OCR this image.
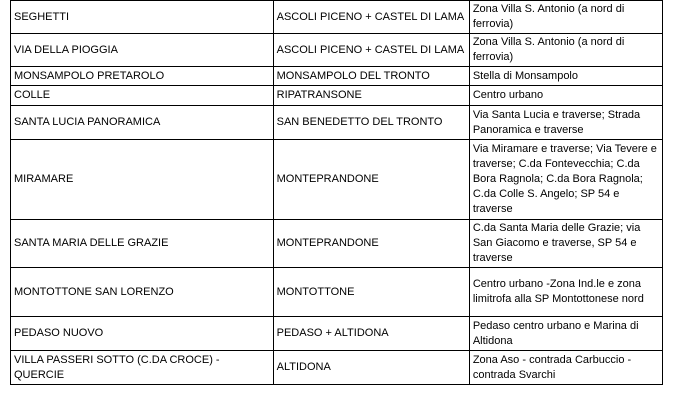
SEGHETTI	ASCOLI PICENO + CASTEL DI LAMA	Zona Villa S. Antonio (a nord di ferrovia)
VIA DELLA PIOGGIA	ASCOLI PICENO + CASTEL DI LAMA	Zona Villa S. Antonio (a nord di ferrovia)
MONSAMPOLO PRETAROLO	MONSAMPOLO DEL TRONTO	Stella di Monsampolo
COLLE	RIPATRANSONE	Centro urbano
SANTA LUCIA PANORAMICA	SAN BENEDETTO DEL TRONTO	Via Santa Lucia e traverse; Strada Panoramica e traverse
MIRAMARE	MONTEPRANDONE	Via Miramare e traverse; Via Tevere e traverse; C.da Fontevecchia; C.da Bora Ragnola; C.da Bora Ragnola; C.da Colle S. Angelo; SP 54 e traverse
SANTA MARIA DELLE GRAZIE	MONTEPRANDONE	C.da Santa Maria delle Grazie; via San Giacomo e traverse, SP 54 e traverse
MONTOTTONE SAN LORENZO	MONTOTTONE	Centro urbano -Zona Ind.le e zona limitrofa alla SP Montottonese nord
PEDASO NUOVO	PEDASO + ALTIDONA	Pedaso centro urbano e Marina di Altidona
VILLA PASSERI SOTTO (C.DA CROCE) - QUERCIE	ALTIDONA	Zona Aso - contrada Carbuccio - contrada Svarchi
